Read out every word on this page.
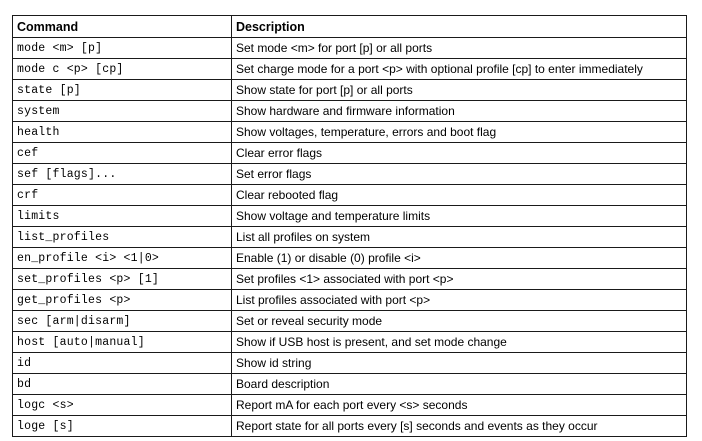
Command	Description
mode <m> [p]	Set mode <m> for port [p] or all ports
mode c <p> [cp]	Set charge mode for a port <p> with optional profile [cp] to enter immediately
state [p]	Show state for port [p] or all ports
system	Show hardware and firmware information
health	Show voltages, temperature, errors and boot flag
cef	Clear error flags
sef [flags]...	Set error flags
crf	Clear rebooted flag
limits	Show voltage and temperature limits
list_profiles	List all profiles on system
en_profile <i> <1|0>	Enable (1) or disable (0) profile <i>
set_profiles <p> [1]	Set profiles <1> associated with port <p>
get_profiles <p>	List profiles associated with port <p>
sec [arm|disarm]	Set or reveal security mode
host [auto|manual]	Show if USB host is present, and set mode change
id	Show id string
bd	Board description
logc <s>	Report mA for each port every <s> seconds
loge [s]	Report state for all ports every [s] seconds and events as they occur
